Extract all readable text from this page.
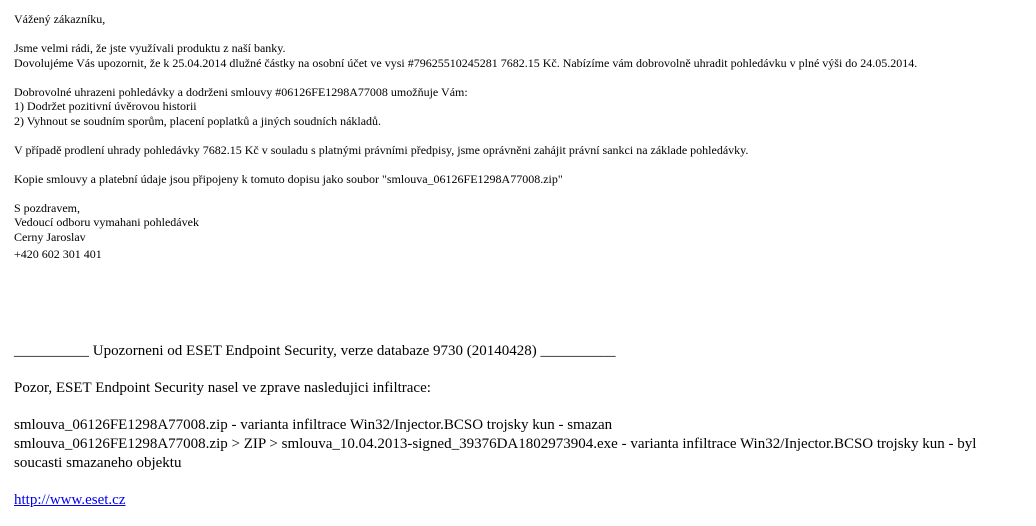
Vážený zákazníku,
Jsme velmi rádi, že jste využívali produktu z naší banky.
Dovolujéme Vás upozornit, že k 25.04.2014 dlužné částky na osobní účet ve vysi #79625510245281 7682.15 Kč. Nabízíme vám dobrovolně uhradit pohledávku v plné výši do 24.05.2014.
Dobrovolné uhrazeni pohledávky a dodrženi smlouvy #06126FE1298A77008 umožňuje Vám:
1) Dodržet pozitivní úvěrovou historii
2) Vyhnout se soudním sporům, placení poplatků a jiných soudních nákladů.
V případě prodlení uhrady pohledávky 7682.15 Kč v souladu s platnými právními předpisy, jsme oprávněni zahájit právní sankci na základe pohledávky.
Kopie smlouvy a platební údaje jsou připojeny k tomuto dopisu jako soubor "smlouva_06126FE1298A77008.zip"
S pozdravem,
Vedoucí odboru vymahani pohledávek
Cerny Jaroslav
+420 602 301 401
__________ Upozorneni od ESET Endpoint Security, verze databaze 9730 (20140428) __________
Pozor, ESET Endpoint Security nasel ve zprave nasledujici infiltrace:
smlouva_06126FE1298A77008.zip - varianta infiltrace Win32/Injector.BCSO trojsky kun - smazan
smlouva_06126FE1298A77008.zip > ZIP > smlouva_10.04.2013-signed_39376DA1802973904.exe - varianta infiltrace Win32/Injector.BCSO trojsky kun - byl soucasti smazaneho objektu
http://www.eset.cz
